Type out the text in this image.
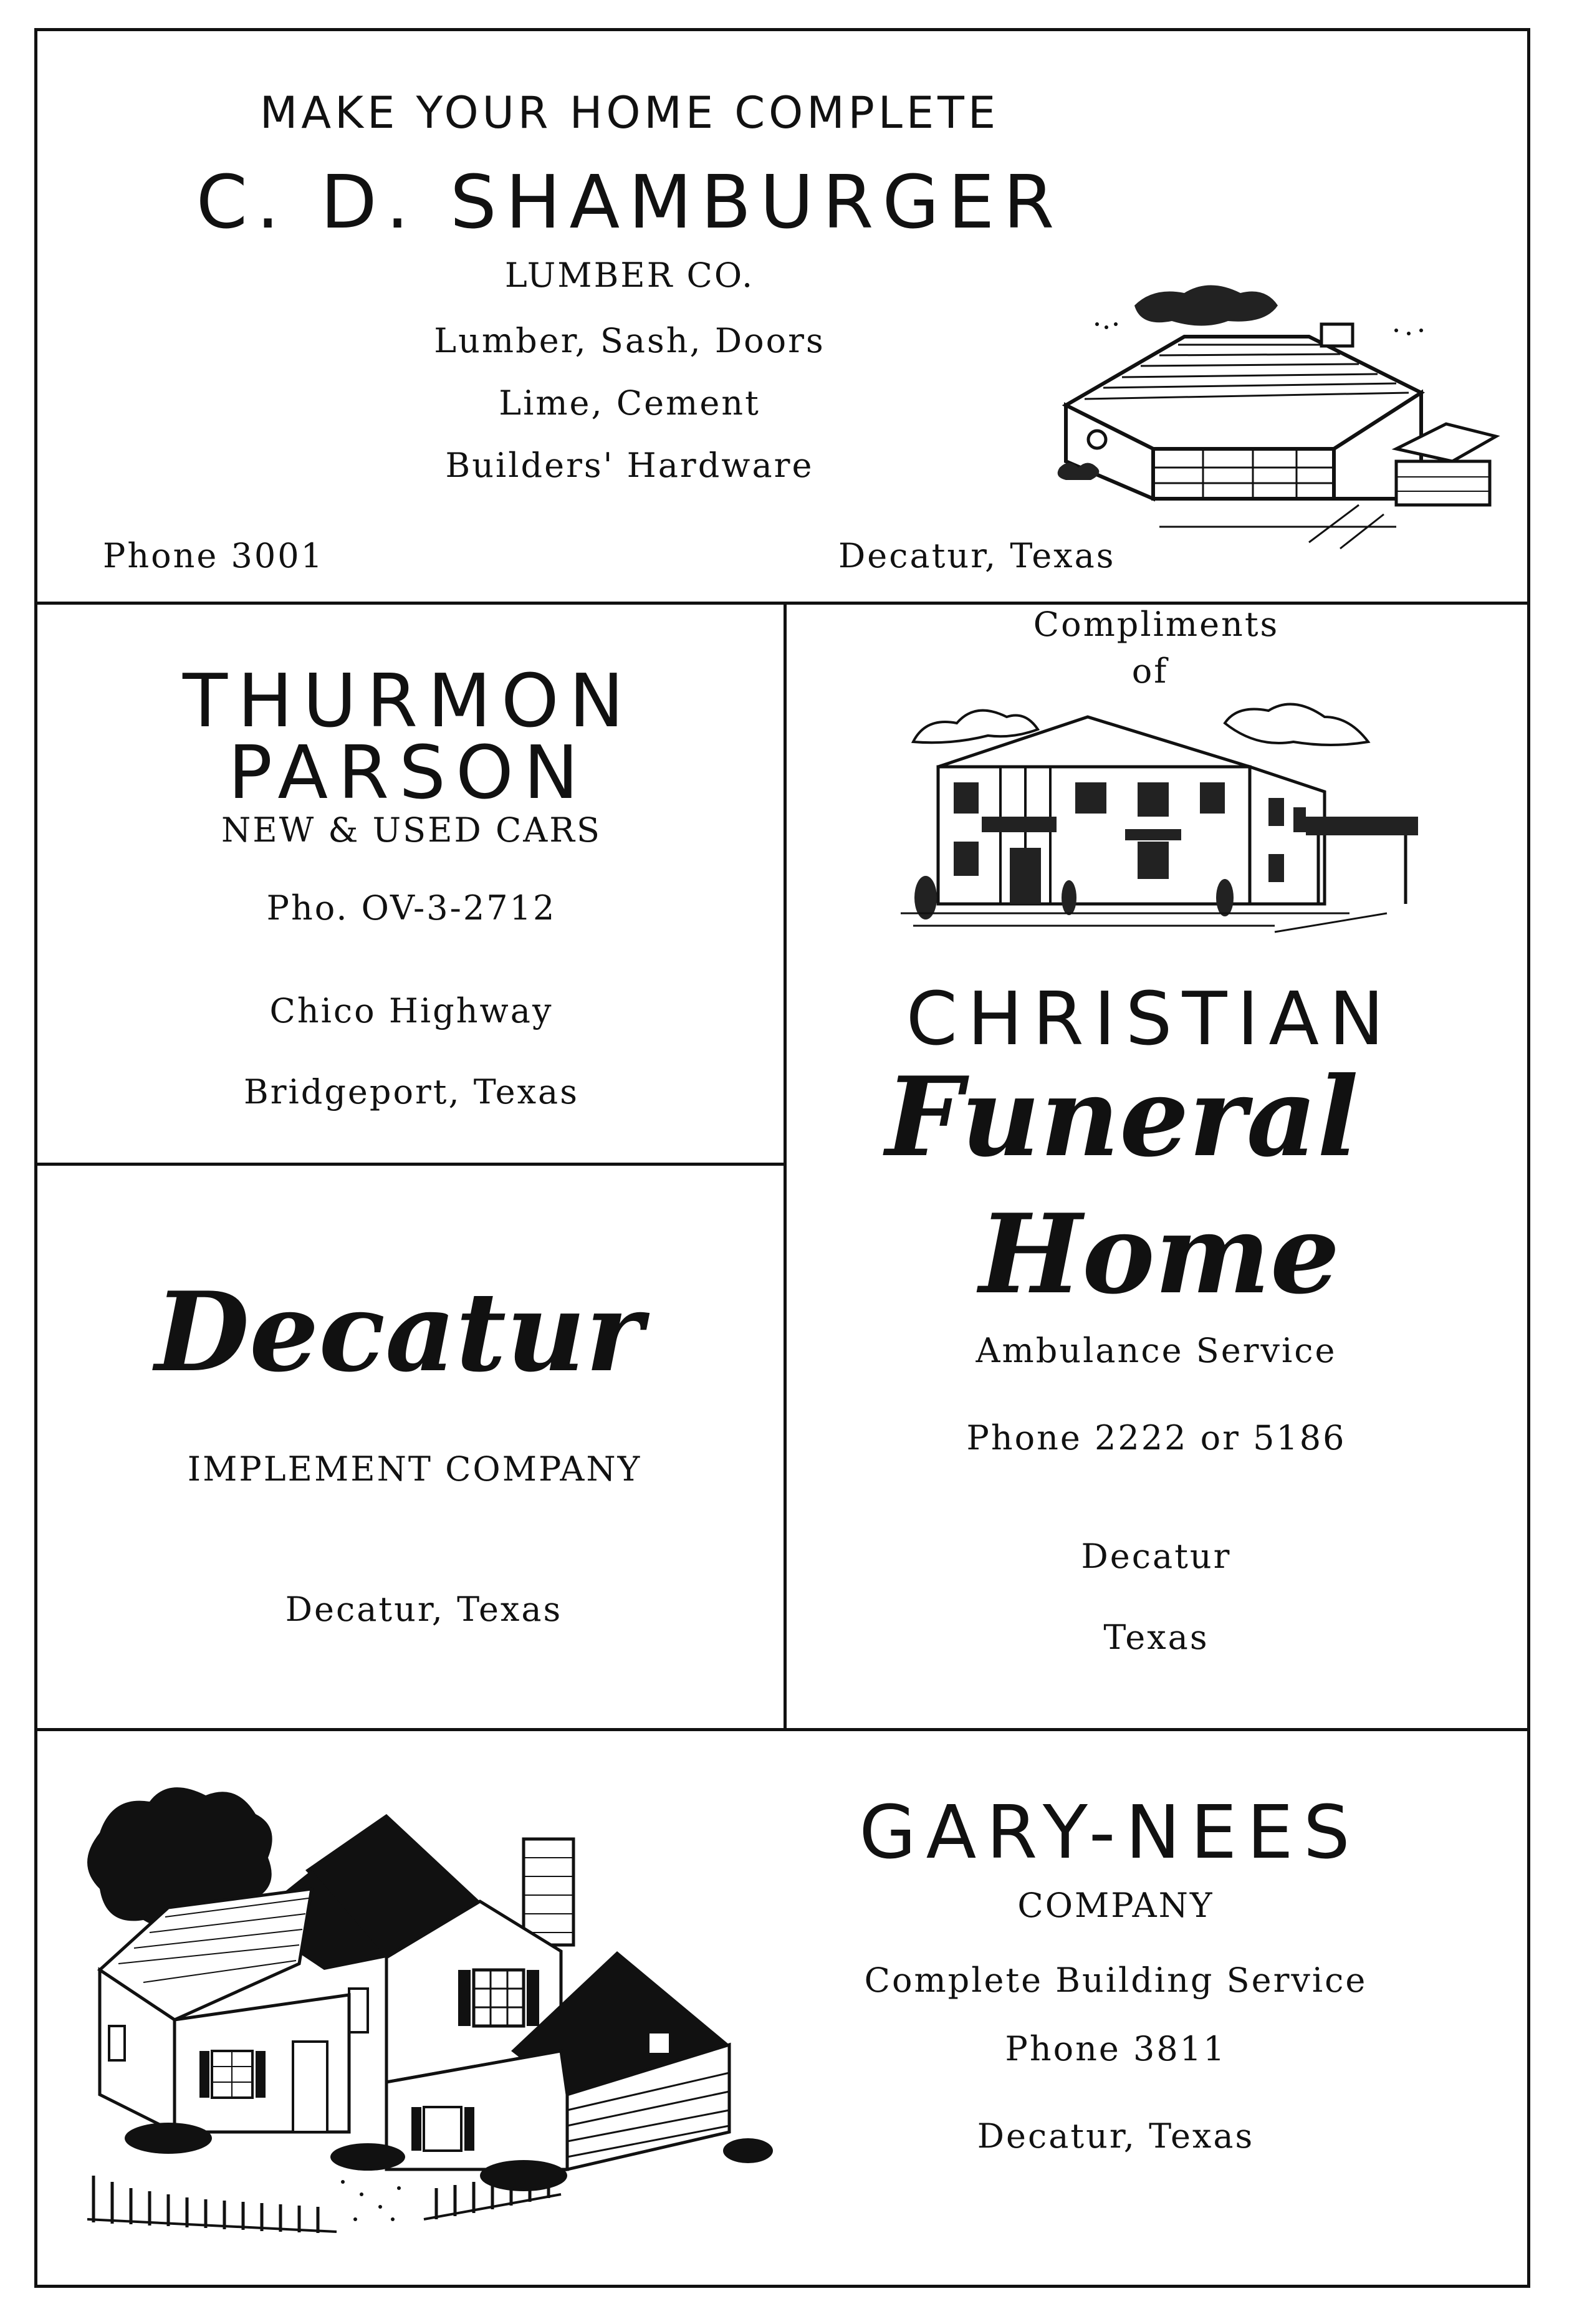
MAKE YOUR HOME COMPLETE
C. D. SHAMBURGER
LUMBER CO.
Lumber, Sash, Doors
Lime, Cement
Builders' Hardware
Phone 3001	Decatur, Texas
THURMON
PARSON
NEW & USED CARS
Pho. OV-3-2712
Chico Highway
Bridgeport, Texas
Decatur
IMPLEMENT COMPANY
Decatur, Texas
Compliments
of
CHRISTIAN
Funeral
Home
Ambulance Service
Phone 2222 or 5186
Decatur
Texas
GARY-NEES
COMPANY
Complete Building Service
Phone 3811
Decatur, Texas
